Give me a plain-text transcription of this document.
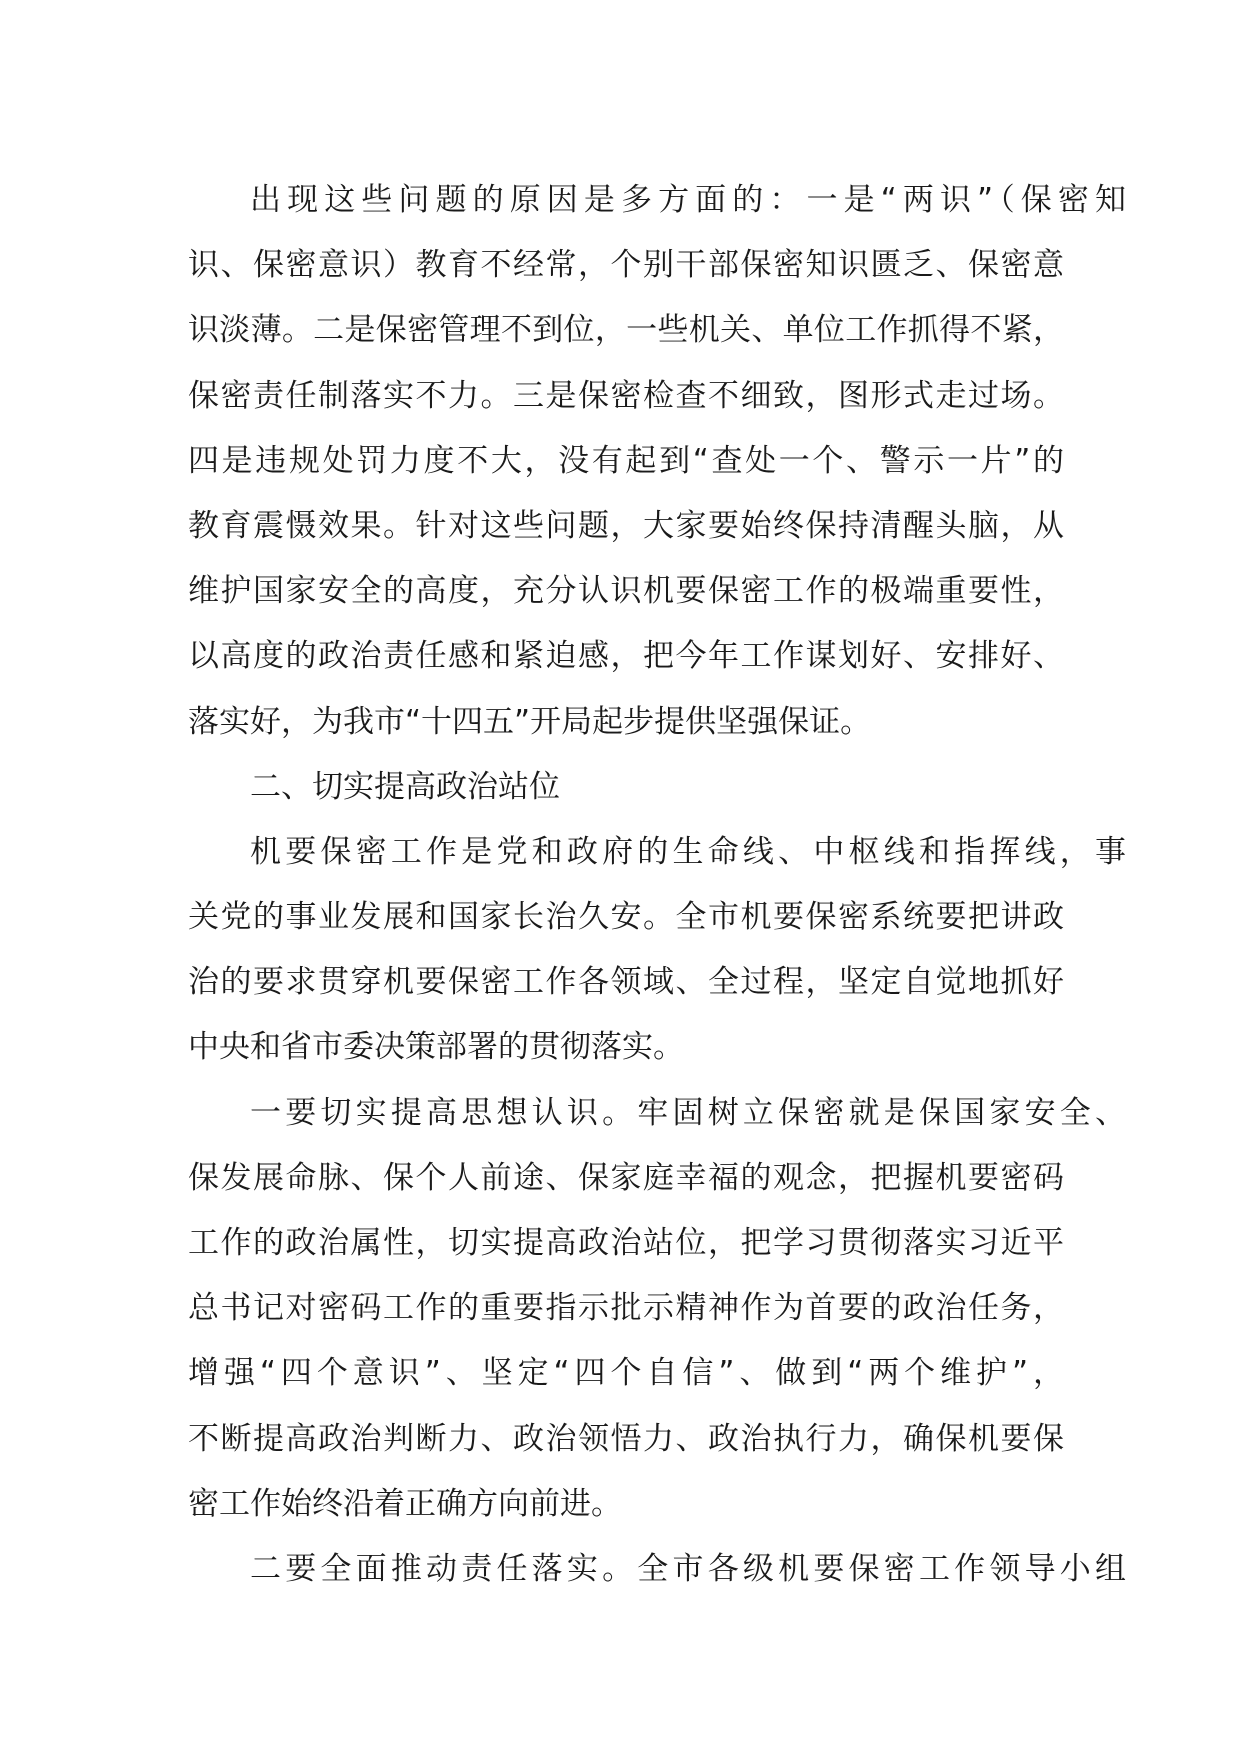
出现这些问题的原因是多方面的：一是“两识”（保密知
识、保密意识）教育不经常，个别干部保密知识匮乏、保密意
识淡薄。二是保密管理不到位，一些机关、单位工作抓得不紧，
保密责任制落实不力。三是保密检查不细致，图形式走过场。
四是违规处罚力度不大，没有起到“查处一个、警示一片”的
教育震慑效果。针对这些问题，大家要始终保持清醒头脑，从
维护国家安全的高度，充分认识机要保密工作的极端重要性，
以高度的政治责任感和紧迫感，把今年工作谋划好、安排好、
落实好，为我市“十四五”开局起步提供坚强保证。
二、切实提高政治站位
机要保密工作是党和政府的生命线、中枢线和指挥线，事
关党的事业发展和国家长治久安。全市机要保密系统要把讲政
治的要求贯穿机要保密工作各领域、全过程，坚定自觉地抓好
中央和省市委决策部署的贯彻落实。
一要切实提高思想认识。牢固树立保密就是保国家安全、
保发展命脉、保个人前途、保家庭幸福的观念，把握机要密码
工作的政治属性，切实提高政治站位，把学习贯彻落实习近平
总书记对密码工作的重要指示批示精神作为首要的政治任务，
增强“四个意识”、坚定“四个自信”、做到“两个维护”，
不断提高政治判断力、政治领悟力、政治执行力，确保机要保
密工作始终沿着正确方向前进。
二要全面推动责任落实。全市各级机要保密工作领导小组
